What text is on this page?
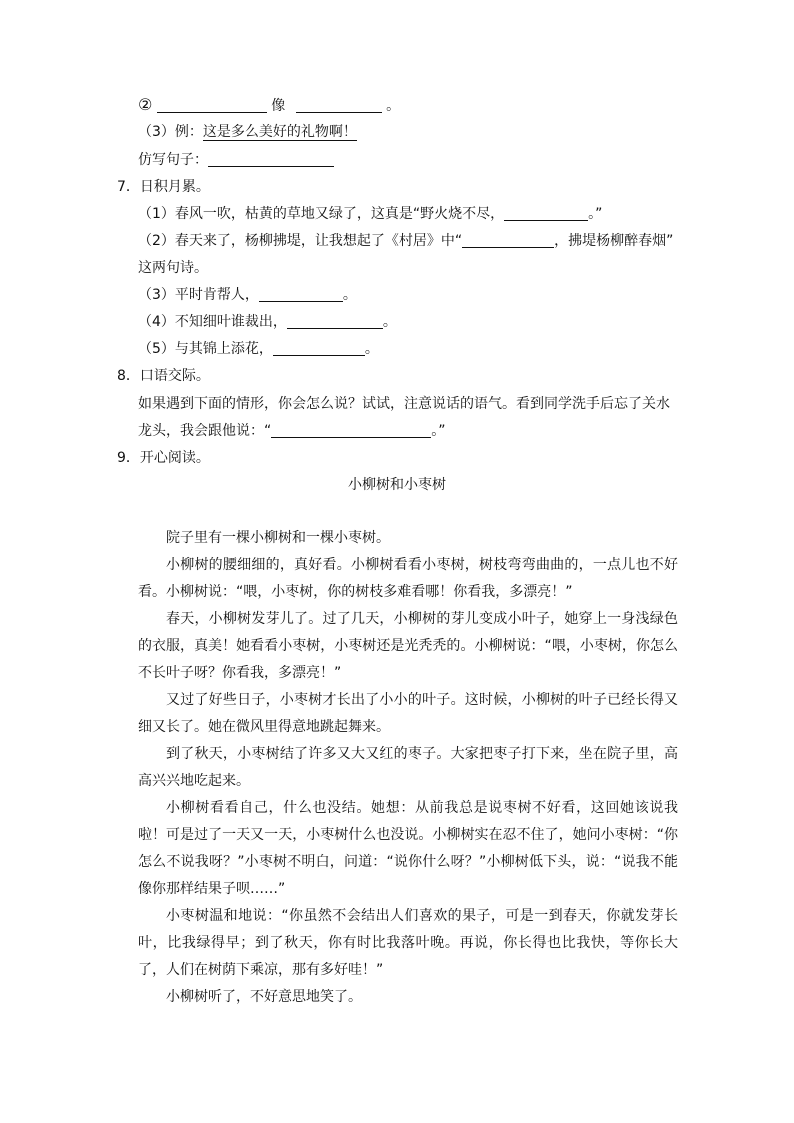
②	像	。
（3）例：这是多么美好的礼物啊！
仿写句子：
7．日积月累。
（1）春风一吹，枯黄的草地又绿了，这真是“野火烧不尽，	。”
（2）春天来了，杨柳拂堤，让我想起了《村居》中“	，拂堤杨柳醉春烟”
这两句诗。
（3）平时肯帮人，	。
（4）不知细叶谁裁出，	。
（5）与其锦上添花，	。
8．口语交际。
如果遇到下面的情形，你会怎么说？试试，注意说话的语气。看到同学洗手后忘了关水
龙头，我会跟他说：“	。”
9．开心阅读。
小柳树和小枣树

院子里有一棵小柳树和一棵小枣树。

小柳树的腰细细的，真好看。小柳树看看小枣树，树枝弯弯曲曲的，一点儿也不好看。小柳树说：“喂，小枣树，你的树枝多难看哪！你看我，多漂亮！”

春天，小柳树发芽儿了。过了几天，小柳树的芽儿变成小叶子，她穿上一身浅绿色的衣服，真美！她看看小枣树，小枣树还是光秃秃的。小柳树说：“喂，小枣树，你怎么不长叶子呀？你看我，多漂亮！”

又过了好些日子，小枣树才长出了小小的叶子。这时候，小柳树的叶子已经长得又细又长了。她在微风里得意地跳起舞来。

到了秋天，小枣树结了许多又大又红的枣子。大家把枣子打下来，坐在院子里，高高兴兴地吃起来。

小柳树看看自己，什么也没结。她想：从前我总是说枣树不好看，这回她该说我啦！可是过了一天又一天，小枣树什么也没说。小柳树实在忍不住了，她问小枣树：“你怎么不说我呀？”小枣树不明白，问道：“说你什么呀？”小柳树低下头，说：“说我不能像你那样结果子呗……”

小枣树温和地说：“你虽然不会结出人们喜欢的果子，可是一到春天，你就发芽长叶，比我绿得早；到了秋天，你有时比我落叶晚。再说，你长得也比我快，等你长大了，人们在树荫下乘凉，那有多好哇！”

小柳树听了，不好意思地笑了。
